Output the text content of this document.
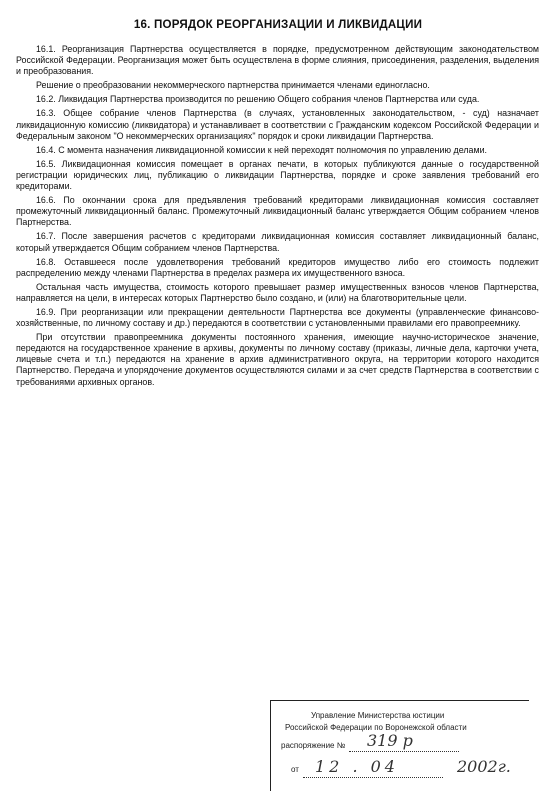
16. ПОРЯДОК РЕОРГАНИЗАЦИИ И ЛИКВИДАЦИИ

16.1. Реорганизация Партнерства осуществляется в порядке, предусмотренном действующим законодательством Российской Федерации. Реорганизация может быть осуществлена в форме слияния, присоединения, разделения, выделения и преобразования.

Решение о преобразовании некоммерческого партнерства принимается членами единогласно.

16.2. Ликвидация Партнерства производится по решению Общего собрания членов Партнерства или суда.

16.3. Общее собрание членов Партнерства (в случаях, установленных законодательством, - суд) назначает ликвидационную комиссию (ликвидатора) и устанавливает в соответствии с Гражданским кодексом Российской Федерации и Федеральным законом "О некоммерческих организациях" порядок и сроки ликвидации Партнерства.

16.4. С момента назначения ликвидационной комиссии к ней переходят полномочия по управлению делами.

16.5. Ликвидационная комиссия помещает в органах печати, в которых публикуются данные о государственной регистрации юридических лиц, публикацию о ликвидации Партнерства, порядке и сроке заявления требований его кредиторами.

16.6. По окончании срока для предъявления требований кредиторами ликвидационная комиссия составляет промежуточный ликвидационный баланс. Промежуточный ликвидационный баланс утверждается Общим собранием членов Партнерства.

16.7. После завершения расчетов с кредиторами ликвидационная комиссия составляет ликвидационный баланс, который утверждается Общим собранием членов Партнерства.

16.8. Оставшееся после удовлетворения требований кредиторов имущество либо его стоимость подлежит распределению между членами Партнерства в пределах размера их имущественного взноса.

Остальная часть имущества, стоимость которого превышает размер имущественных взносов членов Партнерства, направляется на цели, в интересах которых Партнерство было создано, и (или) на благотворительные цели.

16.9. При реорганизации или прекращении деятельности Партнерства все документы (управленческие финансово-хозяйственные, по личному составу и др.) передаются в соответствии с установленными правилами его правопреемнику.

При отсутствии правопреемника документы постоянного хранения, имеющие научно-историческое значение, передаются на государственное хранение в архивы, документы по личному составу (приказы, личные дела, карточки учета, лицевые счета и т.п.) передаются на хранение в архив административного округа, на территории которого находится Партнерство. Передача и упорядочение документов осуществляются силами и за счет средств Партнерства в соответствии с требованиями архивных органов.

Управление Министерства юстиции
Российской Федерации по Воронежской области
распоряжение № 319 р
от 12 . 04	2002г.
